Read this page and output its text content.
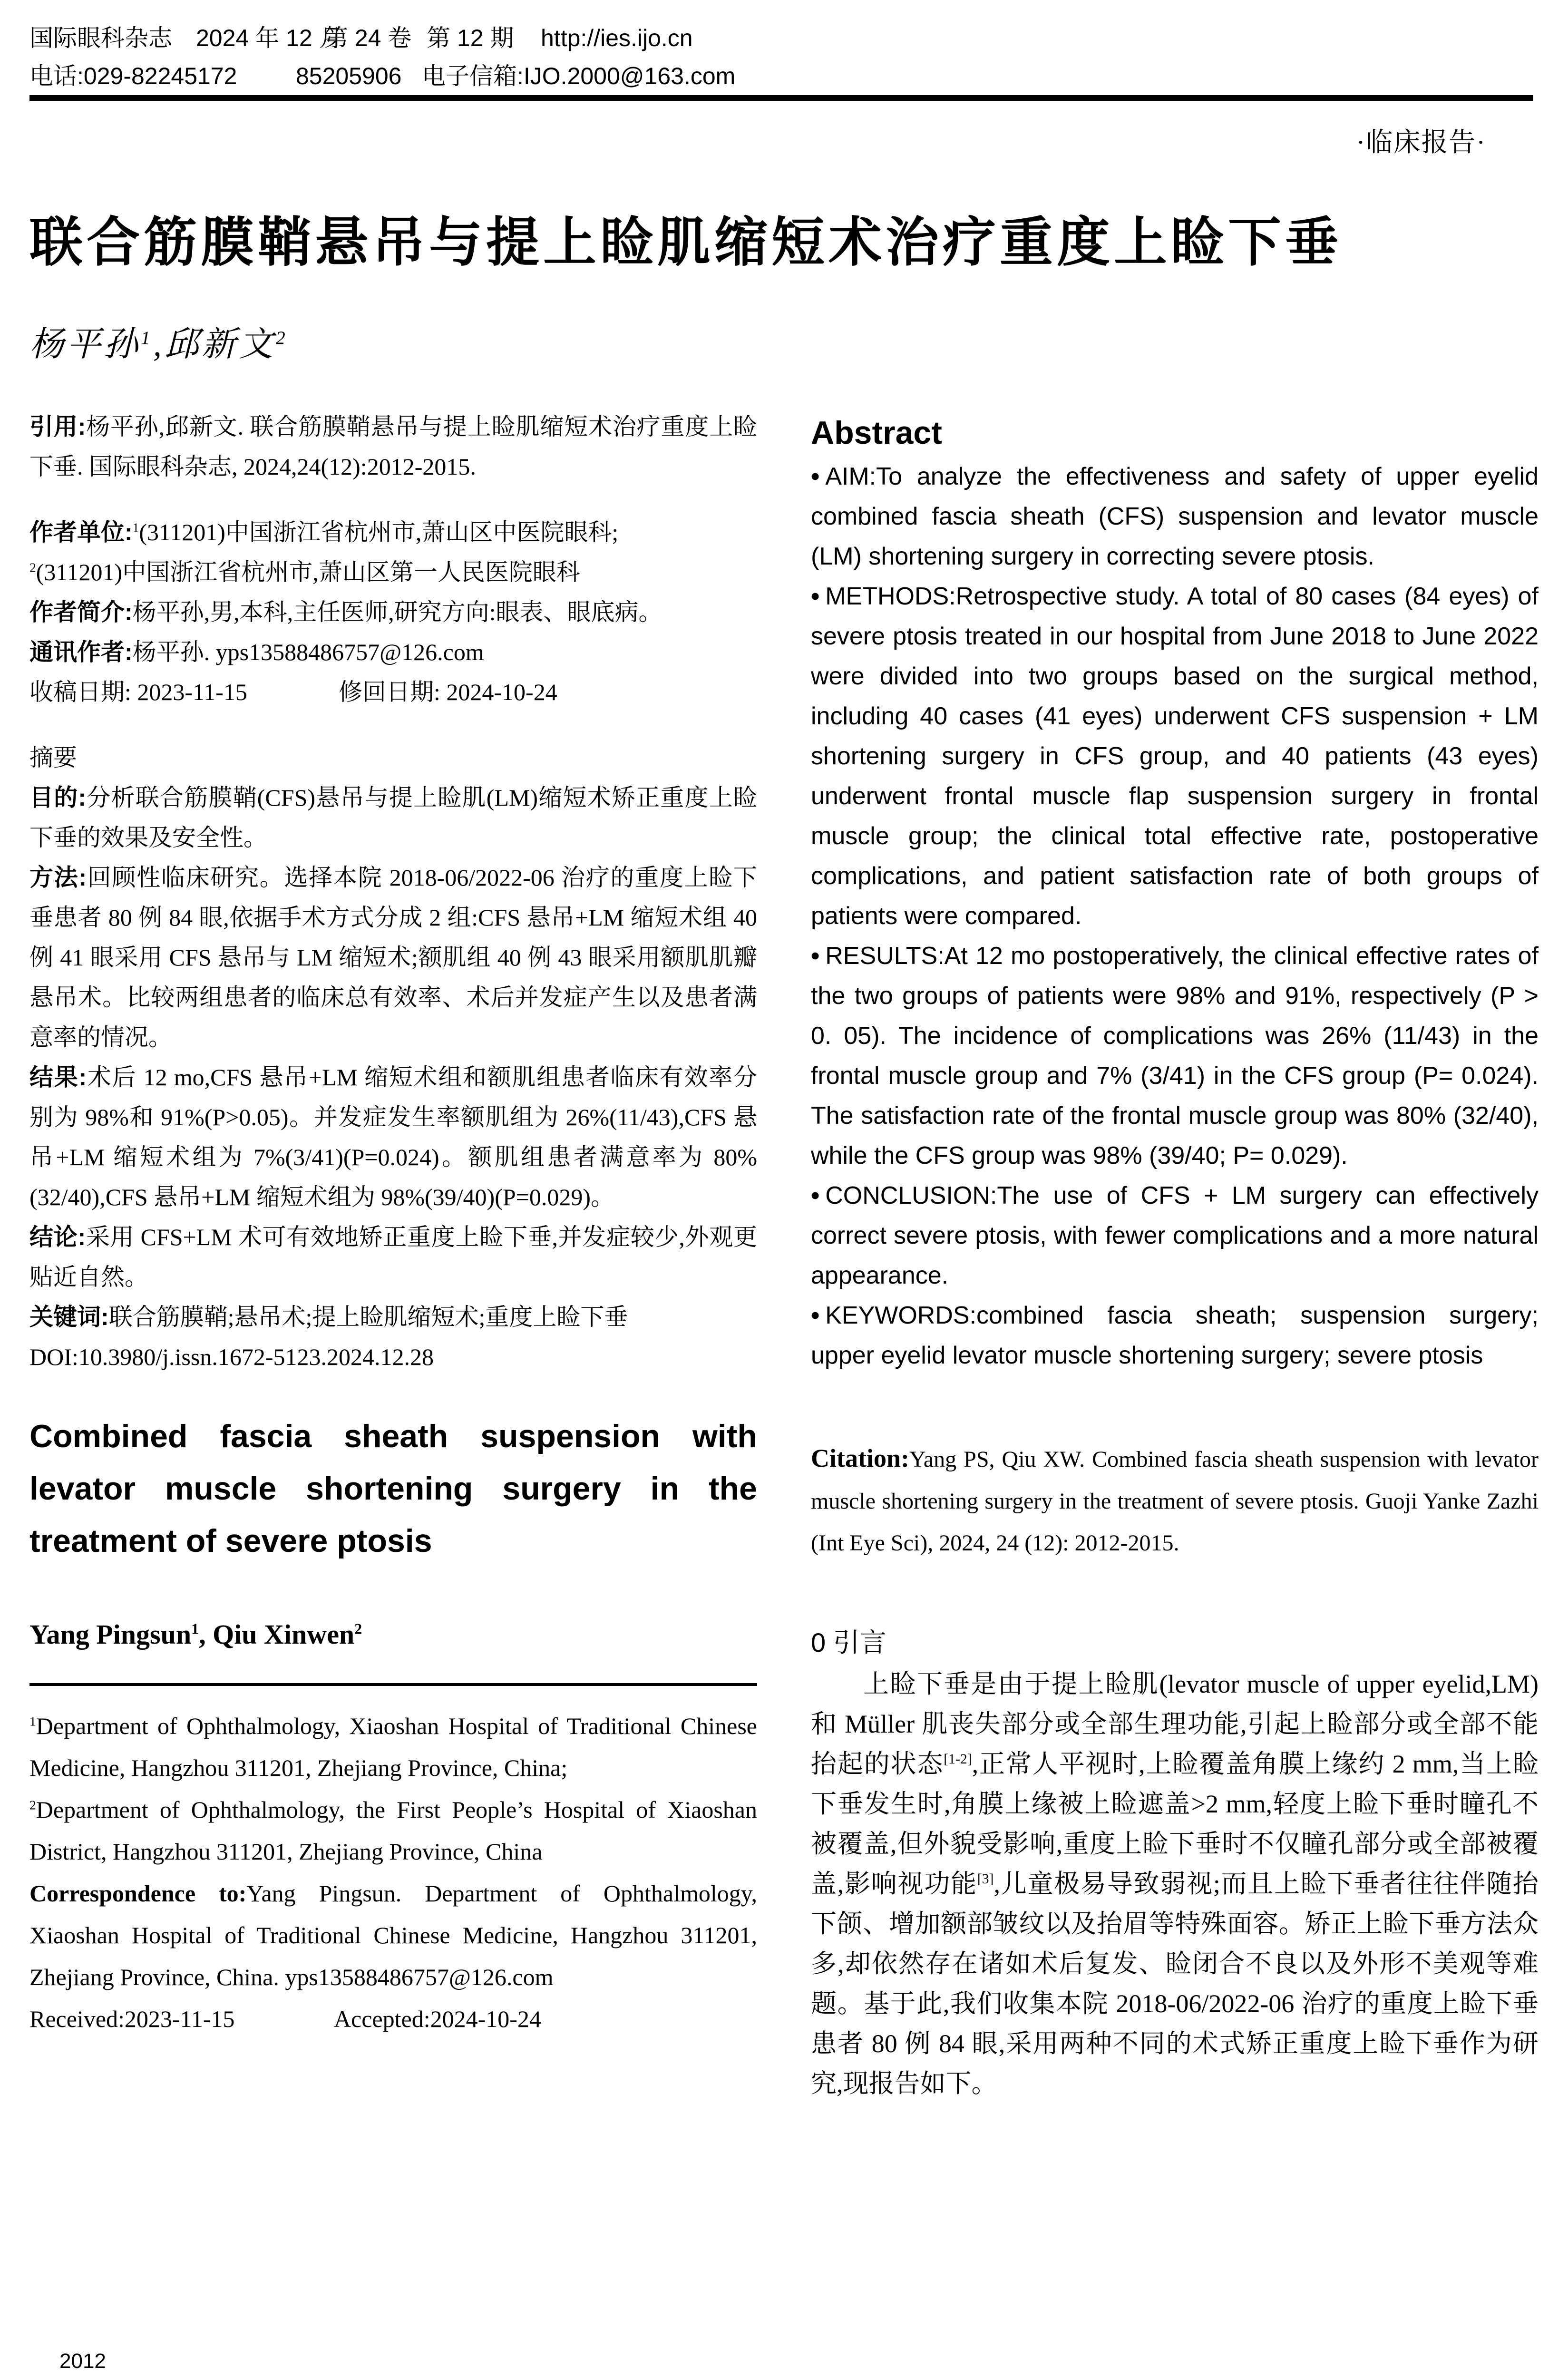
国际眼科杂志	2024 年 12 月
第 24 卷 第 12 期	http://ies.ijo.cn
电话:029-82245172	85205906 电子信箱:IJO.2000@163.com
·临床报告·
联合筋膜鞘悬吊与提上睑肌缩短术治疗重度上睑下垂
杨平孙$^1$,邱新文$^2$

引用:杨平孙,邱新文. 联合筋膜鞘悬吊与提上睑肌缩短术治疗重度上睑下垂. 国际眼科杂志, 2024,24(12):2012-2015.

作者单位:$^1$(311201)中国浙江省杭州市,萧山区中医院眼科;
$^2$(311201)中国浙江省杭州市,萧山区第一人民医院眼科

作者简介:杨平孙,男,本科,主任医师,研究方向:眼表、眼底病。

通讯作者:杨平孙. yps13588486757@126.com

收稿日期: 2023-11-15	修回日期: 2024-10-24

摘要

目的:分析联合筋膜鞘(CFS)悬吊与提上睑肌(LM)缩短术矫正重度上睑下垂的效果及安全性。

方法:回顾性临床研究。选择本院 2018-06/2022-06 治疗的重度上睑下垂患者 80 例 84 眼,依据手术方式分成 2 组:CFS 悬吊+LM 缩短术组 40 例 41 眼采用 CFS 悬吊与 LM 缩短术;额肌组 40 例 43 眼采用额肌肌瓣悬吊术。比较两组患者的临床总有效率、术后并发症产生以及患者满意率的情况。

结果:术后 12 mo,CFS 悬吊+LM 缩短术组和额肌组患者临床有效率分别为 98%和 91%(P>0.05)。并发症发生率额肌组为 26%(11/43),CFS 悬吊+LM 缩短术组为 7%(3/41)(P=0.024)。额肌组患者满意率为 80%(32/40),CFS 悬吊+LM 缩短术组为 98%(39/40)(P=0.029)。

结论:采用 CFS+LM 术可有效地矫正重度上睑下垂,并发症较少,外观更贴近自然。

关键词:联合筋膜鞘;悬吊术;提上睑肌缩短术;重度上睑下垂

DOI:10.3980/j.issn.1672-5123.2024.12.28

Combined fascia sheath suspension with levator muscle shortening surgery in the treatment of severe ptosis
Yang Pingsun$^1$, Qiu Xinwen$^2$

$^1$Department of Ophthalmology, Xiaoshan Hospital of Traditional Chinese Medicine, Hangzhou 311201, Zhejiang Province, China;

$^2$Department of Ophthalmology, the First People’s Hospital of Xiaoshan District, Hangzhou 311201, Zhejiang Province, China

Correspondence to:Yang Pingsun. Department of Ophthalmology, Xiaoshan Hospital of Traditional Chinese Medicine, Hangzhou 311201, Zhejiang Province, China. yps13588486757@126.com

Received:2023-11-15	Accepted:2024-10-24

2012
Abstract

• AIM:To analyze the effectiveness and safety of upper eyelid combined fascia sheath (CFS) suspension and levator muscle (LM) shortening surgery in correcting severe ptosis.

• METHODS:Retrospective study. A total of 80 cases (84 eyes) of severe ptosis treated in our hospital from June 2018 to June 2022 were divided into two groups based on the surgical method, including 40 cases (41 eyes) underwent CFS suspension + LM shortening surgery in CFS group, and 40 patients (43 eyes) underwent frontal muscle flap suspension surgery in frontal muscle group; the clinical total effective rate, postoperative complications, and patient satisfaction rate of both groups of patients were compared.

• RESULTS:At 12 mo postoperatively, the clinical effective rates of the two groups of patients were 98% and 91%, respectively (P > 0. 05). The incidence of complications was 26% (11/43) in the frontal muscle group and 7% (3/41) in the CFS group (P= 0.024). The satisfaction rate of the frontal muscle group was 80% (32/40), while the CFS group was 98% (39/40; P= 0.029).

• CONCLUSION:The use of CFS + LM surgery can effectively correct severe ptosis, with fewer complications and a more natural appearance.

• KEYWORDS:combined fascia sheath; suspension surgery; upper eyelid levator muscle shortening surgery; severe ptosis

Citation:Yang PS, Qiu XW. Combined fascia sheath suspension with levator muscle shortening surgery in the treatment of severe ptosis. Guoji Yanke Zazhi (Int Eye Sci), 2024, 24 (12): 2012-2015.

0 引言

上睑下垂是由于提上睑肌(levator muscle of upper eyelid,LM)和 Müller 肌丧失部分或全部生理功能,引起上睑部分或全部不能抬起的状态[1-2],正常人平视时,上睑覆盖角膜上缘约 2 mm,当上睑下垂发生时,角膜上缘被上睑遮盖>2 mm,轻度上睑下垂时瞳孔不被覆盖,但外貌受影响,重度上睑下垂时不仅瞳孔部分或全部被覆盖,影响视功能[3],儿童极易导致弱视;而且上睑下垂者往往伴随抬下颌、增加额部皱纹以及抬眉等特殊面容。矫正上睑下垂方法众多,却依然存在诸如术后复发、睑闭合不良以及外形不美观等难题。基于此,我们收集本院 2018-06/2022-06 治疗的重度上睑下垂患者 80 例 84 眼,采用两种不同的术式矫正重度上睑下垂作为研究,现报告如下。
